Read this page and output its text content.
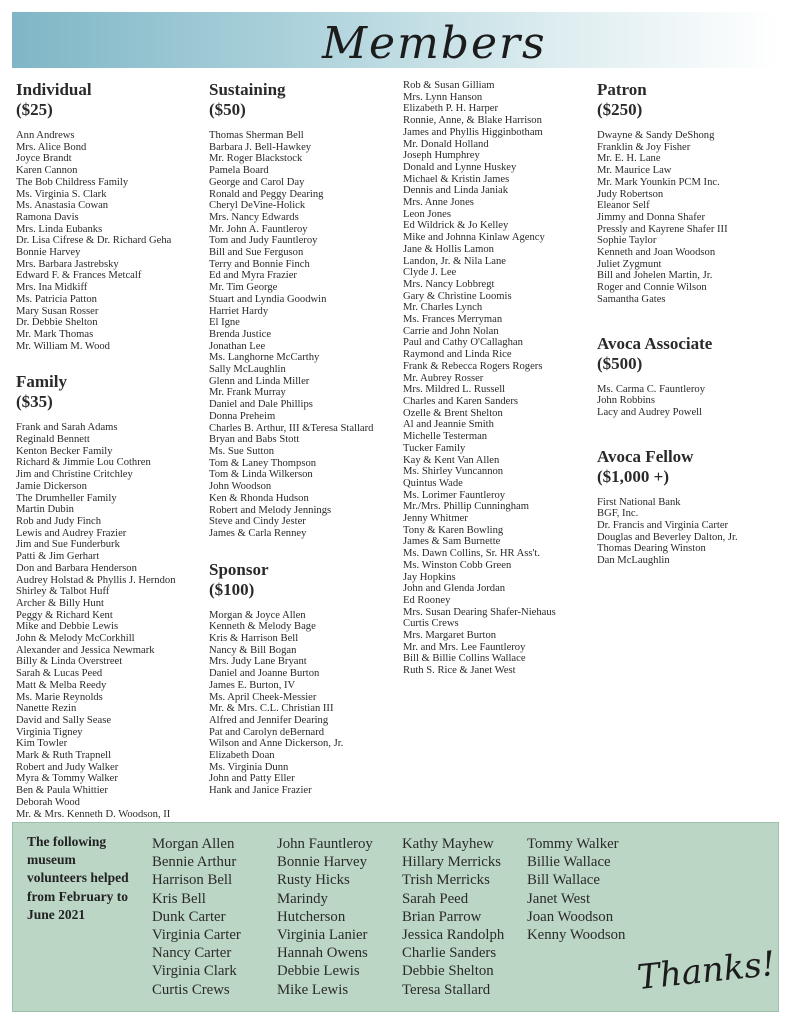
Members
Individual
($25)
Ann Andrews
Mrs. Alice Bond
Joyce Brandt
Karen Cannon
The Bob Childress Family
Ms. Virginia S. Clark
Ms. Anastasia Cowan
Ramona Davis
Mrs. Linda Eubanks
Dr. Lisa Cifrese & Dr. Richard Geha
Bonnie Harvey
Mrs. Barbara Jastrebsky
Edward F. & Frances Metcalf
Mrs. Ina Midkiff
Ms. Patricia Patton
Mary Susan Rosser
Dr. Debbie Shelton
Mr. Mark Thomas
Mr. William M. Wood
Family
($35)
Frank and Sarah Adams
Reginald Bennett
Kenton Becker Family
Richard & Jimmie Lou Cothren
Jim and Christine Critchley
Jamie Dickerson
The Drumheller Family
Martin Dubin
Rob and Judy Finch
Lewis and Audrey Frazier
Jim and Sue Funderburk
Patti & Jim Gerhart
Don and Barbara Henderson
Audrey Holstad & Phyllis J. Herndon
Shirley & Talbot Huff
Archer & Billy Hunt
Peggy & Richard Kent
Mike and Debbie Lewis
John & Melody McCorkhill
Alexander and Jessica Newmark
Billy & Linda Overstreet
Sarah & Lucas Peed
Matt & Melba Reedy
Ms. Marie Reynolds
Nanette Rezin
David and Sally Sease
Virginia Tigney
Kim Towler
Mark & Ruth Trapnell
Robert and Judy Walker
Myra & Tommy Walker
Ben & Paula Whittier
Deborah Wood
Mr. & Mrs. Kenneth D. Woodson, II
Sustaining
($50)
Thomas Sherman Bell
Barbara J. Bell-Hawkey
Mr. Roger Blackstock
Pamela Board
George and Carol Day
Ronald and Peggy Dearing
Cheryl DeVine-Holick
Mrs. Nancy Edwards
Mr. John A. Fauntleroy
Tom and Judy Fauntleroy
Bill and Sue Ferguson
Terry and Bonnie Finch
Ed and Myra Frazier
Mr. Tim George
Stuart and Lyndia Goodwin
Harriet Hardy
El Igne
Brenda Justice
Jonathan Lee
Ms. Langhorne McCarthy
Sally McLaughlin
Glenn and Linda Miller
Mr. Frank Murray
Daniel and Dale Phillips
Donna Preheim
Charles B. Arthur, III &Teresa Stallard
Bryan and Babs Stott
Ms. Sue Sutton
Tom & Laney Thompson
Tom & Linda Wilkerson
John Woodson
Ken & Rhonda Hudson
Robert and Melody Jennings
Steve and Cindy Jester
James & Carla Renney
Sponsor
($100)
Morgan & Joyce Allen
Kenneth & Melody Bage
Kris & Harrison Bell
Nancy & Bill Bogan
Mrs. Judy Lane Bryant
Daniel and Joanne Burton
James E. Burton, IV
Ms. April Cheek-Messier
Mr. & Mrs. C.L. Christian III
Alfred and Jennifer Dearing
Pat and Carolyn deBernard
Wilson and Anne Dickerson, Jr.
Elizabeth Doan
Ms. Virginia Dunn
John and Patty Eller
Hank and Janice Frazier
Rob & Susan Gilliam
Mrs. Lynn Hanson
Elizabeth P. H. Harper
Ronnie, Anne, & Blake Harrison
James and Phyllis Higginbotham
Mr. Donald Holland
Joseph Humphrey
Donald and Lynne Huskey
Michael & Kristin James
Dennis and Linda Janiak
Mrs. Anne Jones
Leon Jones
Ed Wildrick & Jo Kelley
Mike and Johnna Kinlaw Agency
Jane & Hollis Lamon
Landon, Jr. & Nila Lane
Clyde J. Lee
Mrs. Nancy Lobbregt
Gary & Christine Loomis
Mr. Charles Lynch
Ms. Frances Merryman
Carrie and John Nolan
Paul and Cathy O'Callaghan
Raymond and Linda Rice
Frank & Rebecca Rogers Rogers
Mr. Aubrey Rosser
Mrs. Mildred L. Russell
Charles and Karen Sanders
Ozelle & Brent Shelton
Al and Jeannie Smith
Michelle Testerman
Tucker Family
Kay & Kent Van Allen
Ms. Shirley Vuncannon
Quintus Wade
Ms. Lorimer Fauntleroy
Mr./Mrs. Phillip Cunningham
Jenny Whitmer
Tony & Karen Bowling
James & Sam Burnette
Ms. Dawn Collins, Sr. HR Ass't.
Ms. Winston Cobb Green
Jay Hopkins
John and Glenda Jordan
Ed Rooney
Mrs. Susan Dearing Shafer-Niehaus
Curtis Crews
Mrs. Margaret Burton
Mr. and Mrs. Lee Fauntleroy
Bill & Billie Collins Wallace
Ruth S. Rice & Janet West
Patron
($250)
Dwayne & Sandy DeShong
Franklin & Joy Fisher
Mr. E. H. Lane
Mr. Maurice Law
Mr. Mark Younkin PCM Inc.
Judy Robertson
Eleanor Self
Jimmy and Donna Shafer
Pressly and Kayrene Shafer III
Sophie Taylor
Kenneth and Joan Woodson
Juliet Zygmunt
Bill and Johelen Martin, Jr.
Roger and Connie Wilson
Samantha Gates
Avoca Associate
($500)
Ms. Carma C. Fauntleroy
John Robbins
Lacy and Audrey Powell
Avoca Fellow
($1,000 +)
First National Bank
BGF, Inc.
Dr. Francis and Virginia Carter
Douglas and Beverley Dalton, Jr.
Thomas Dearing Winston
Dan McLaughlin
The following museum volunteers helped from February to June 2021
Morgan Allen
Bennie Arthur
Harrison Bell
Kris Bell
Dunk Carter
Virginia Carter
Nancy Carter
Virginia Clark
Curtis Crews
John Fauntleroy
Bonnie Harvey
Rusty Hicks
Marindy
Hutcherson
Virginia Lanier
Hannah Owens
Debbie Lewis
Mike Lewis
Kathy Mayhew
Hillary Merricks
Trish Merricks
Sarah Peed
Brian Parrow
Jessica Randolph
Charlie Sanders
Debbie Shelton
Teresa Stallard
Tommy Walker
Billie Wallace
Bill Wallace
Janet West
Joan Woodson
Kenny Woodson
Thanks!
